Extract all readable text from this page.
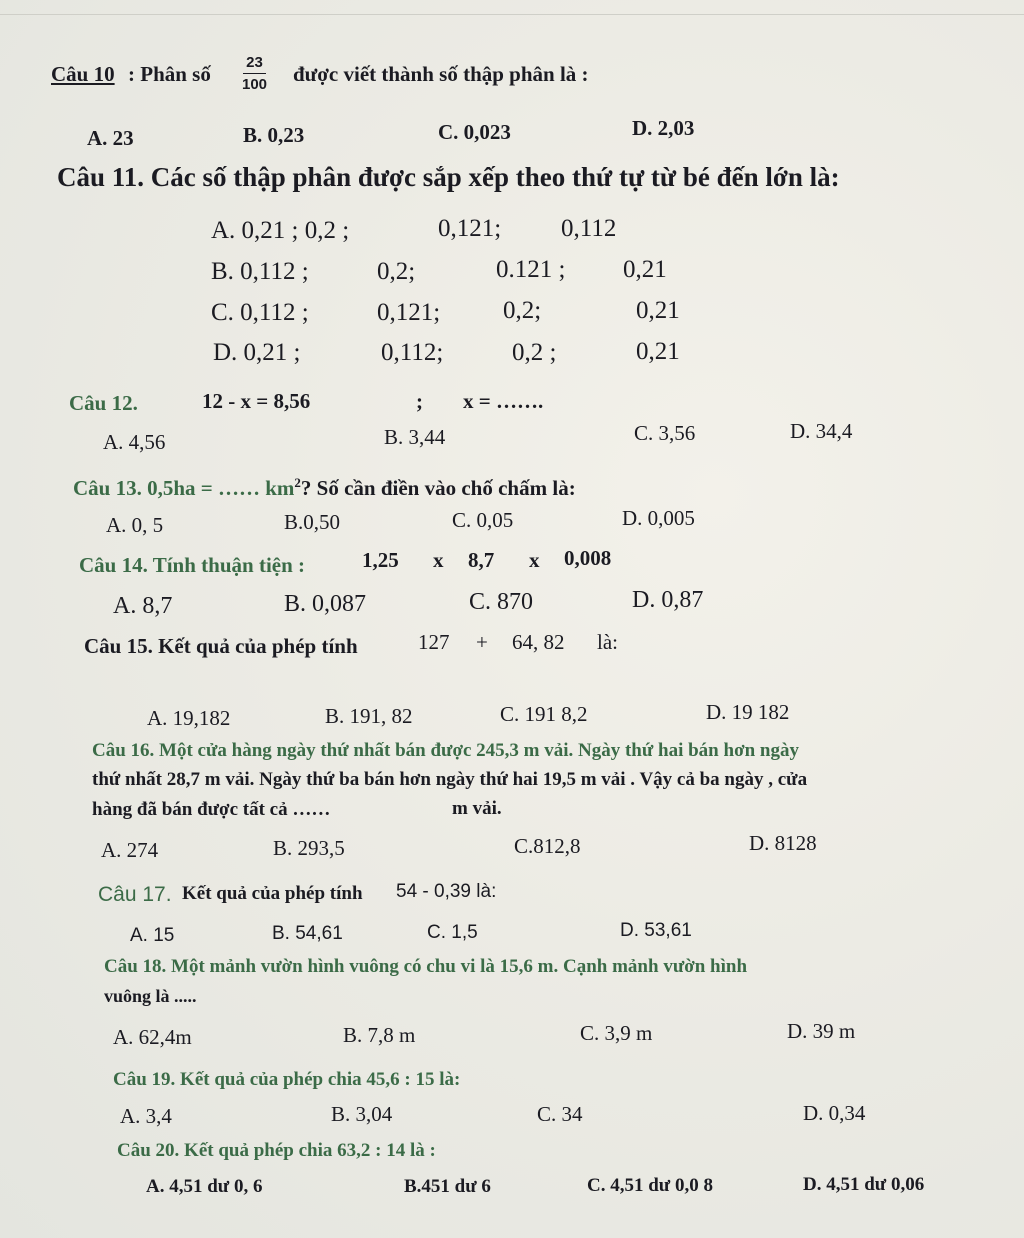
Câu 10 : Phân số $\frac{23}{100}$ được viết thành số thập phân là :
A. 23	B. 0,23	C. 0,023	D. 2,03
Câu 11. Các số thập phân được sắp xếp theo thứ tự từ bé đến lớn là:
A. 0,21 ; 0,2 ;	0,121; 0,112
B. 0,112 ;	0,2;	0.121 ; 0,21
C. 0,112 ;	0,121;	0,2;	0,21
D. 0,21 ;	0,112;	0,2 ;	0,21
Câu 12.	12 - x = 8,56	; x = …….
A. 4,56	B. 3,44	C. 3,56	D. 34,4
Câu 13. 0,5ha = …… $km^2$? Số cần điền vào chố chấm là:
A. 0, 5	B.0,50	C. 0,05	D. 0,005
Câu 14. Tính thuận tiện :	1,25 x 8,7 x 0,008
A. 8,7	B. 0,087	C. 870	D. 0,87
Câu 15. Kết quả của phép tính	127 + 64, 82 là:
A. 19,182	B. 191, 82	C. 191 8,2	D. 19 182
Câu 16. Một cửa hàng ngày thứ nhất bán được 245,3 m vải. Ngày thứ hai bán hơn ngày
thứ nhất 28,7 m vải. Ngày thứ ba bán hơn ngày thứ hai 19,5 m vải . Vậy cả ba ngày , cửa
hàng đã bán được tất cả ……	m vải.
A. 274	B. 293,5	C.812,8	D. 8128
Câu 17. Kết quả của phép tính 54 - 0,39 là:
A. 15	B. 54,61	C. 1,5	D. 53,61
Câu 18. Một mảnh vườn hình vuông có chu vi là 15,6 m. Cạnh mảnh vườn hình
vuông là .....
A. 62,4m	B. 7,8 m	C. 3,9 m	D. 39 m
Câu 19. Kết quả của phép chia 45,6 : 15 là:
A. 3,4	B. 3,04	C. 34	D. 0,34
Câu 20. Kết quả phép chia 63,2 : 14 là :
A. 4,51 dư 0, 6	B.451 dư 6	C. 4,51 dư 0,0 8	D. 4,51 dư 0,06
